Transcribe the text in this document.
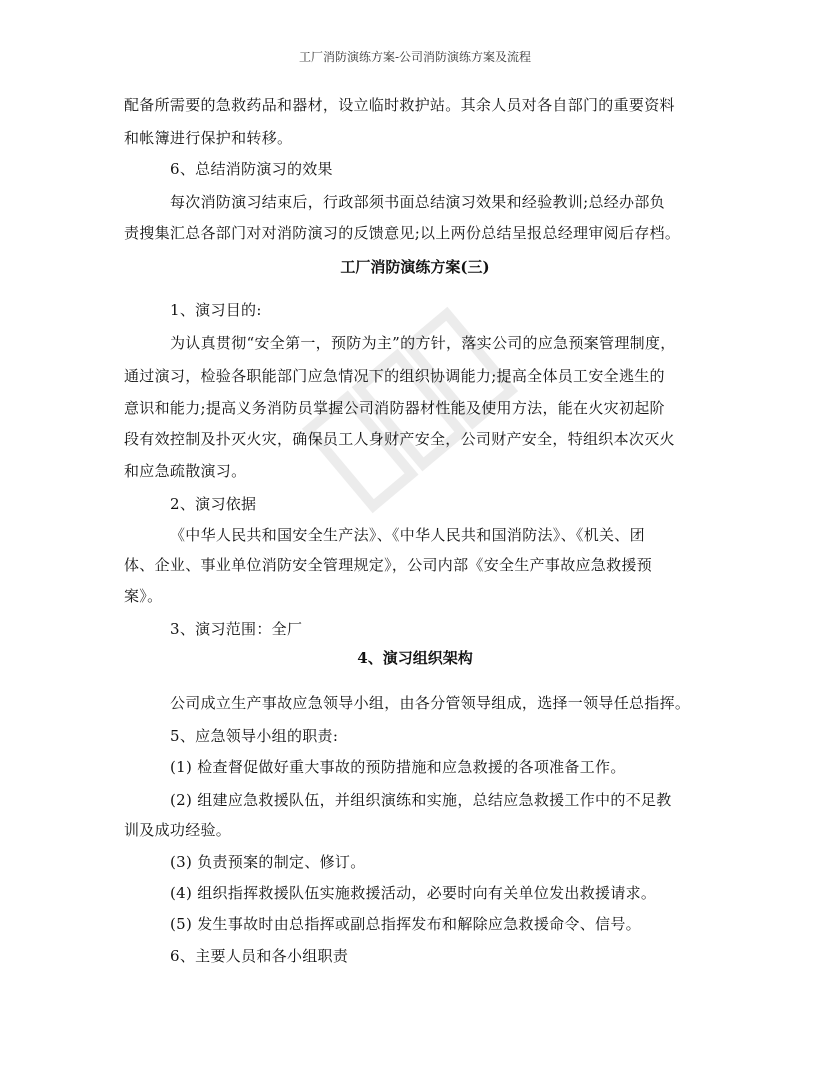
工厂消防演练方案-公司消防演练方案及流程
配备所需要的急救药品和器材，设立临时救护站。其余人员对各自部门的重要资料
和帐簿进行保护和转移。
6、总结消防演习的效果
每次消防演习结束后，行政部须书面总结演习效果和经验教训;总经办部负
责搜集汇总各部门对对消防演习的反馈意见;以上两份总结呈报总经理审阅后存档。
工厂消防演练方案(三)
1、演习目的:
为认真贯彻“安全第一，预防为主”的方针，落实公司的应急预案管理制度，
通过演习，检验各职能部门应急情况下的组织协调能力;提高全体员工安全逃生的
意识和能力;提高义务消防员掌握公司消防器材性能及使用方法，能在火灾初起阶
段有效控制及扑灭火灾，确保员工人身财产安全，公司财产安全，特组织本次灭火
和应急疏散演习。
2、演习依据
《中华人民共和国安全生产法》、《中华人民共和国消防法》、《机关、团
体、企业、事业单位消防安全管理规定》，公司内部《安全生产事故应急救援预
案》。
3、演习范围：全厂
4、演习组织架构
公司成立生产事故应急领导小组，由各分管领导组成，选择一领导任总指挥。
5、应急领导小组的职责:
(1) 检查督促做好重大事故的预防措施和应急救援的各项准备工作。
(2) 组建应急救援队伍，并组织演练和实施，总结应急救援工作中的不足教
训及成功经验。
(3) 负责预案的制定、修订。
(4) 组织指挥救援队伍实施救援活动，必要时向有关单位发出救援请求。
(5) 发生事故时由总指挥或副总指挥发布和解除应急救援命令、信号。
6、主要人员和各小组职责
